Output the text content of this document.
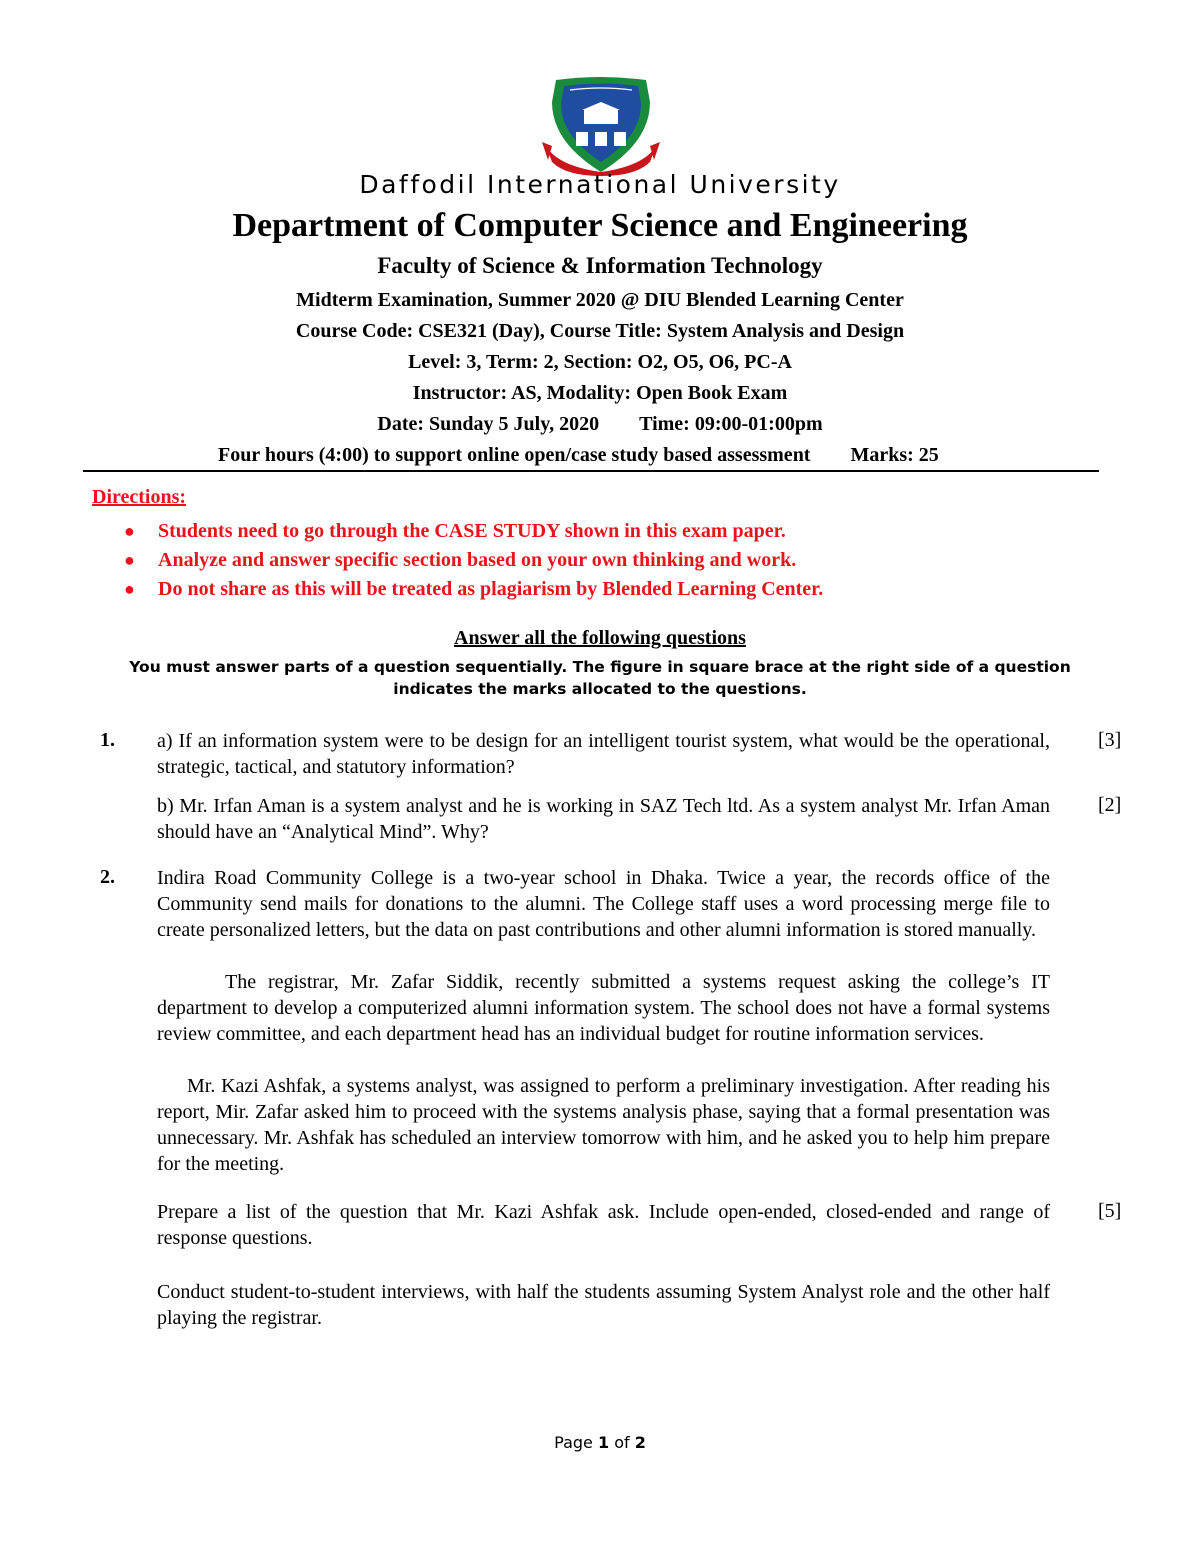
Daffodil International University
Department of Computer Science and Engineering
Faculty of Science & Information Technology
Midterm Examination, Summer 2020 @ DIU Blended Learning Center
Course Code: CSE321 (Day), Course Title: System Analysis and Design
Level: 3, Term: 2, Section: O2, O5, O6, PC-A
Instructor: AS, Modality: Open Book Exam
Date: Sunday 5 July, 2020 Time: 09:00-01:00pm
Four hours (4:00) to support online open/case study based assessment Marks: 25
Directions:
● Students need to go through the CASE STUDY shown in this exam paper.
● Analyze and answer specific section based on your own thinking and work.
● Do not share as this will be treated as plagiarism by Blended Learning Center.
Answer all the following questions
You must answer parts of a question sequentially. The figure in square brace at the right side of a question indicates the marks allocated to the questions.
1. a) If an information system were to be design for an intelligent tourist system, what would be the operational, strategic, tactical, and statutory information?
[3]
b) Mr. Irfan Aman is a system analyst and he is working in SAZ Tech ltd. As a system analyst Mr. Irfan Aman should have an “Analytical Mind”. Why?
[2]
2. Indira Road Community College is a two-year school in Dhaka. Twice a year, the records office of the Community send mails for donations to the alumni. The College staff uses a word processing merge file to create personalized letters, but the data on past contributions and other alumni information is stored manually.
The registrar, Mr. Zafar Siddik, recently submitted a systems request asking the college’s IT department to develop a computerized alumni information system. The school does not have a formal systems review committee, and each department head has an individual budget for routine information services.
Mr. Kazi Ashfak, a systems analyst, was assigned to perform a preliminary investigation. After reading his report, Mir. Zafar asked him to proceed with the systems analysis phase, saying that a formal presentation was unnecessary. Mr. Ashfak has scheduled an interview tomorrow with him, and he asked you to help him prepare for the meeting.
Prepare a list of the question that Mr. Kazi Ashfak ask. Include open-ended, closed-ended and range of response questions.
[5]
Conduct student-to-student interviews, with half the students assuming System Analyst role and the other half playing the registrar.
Page 1 of 2
